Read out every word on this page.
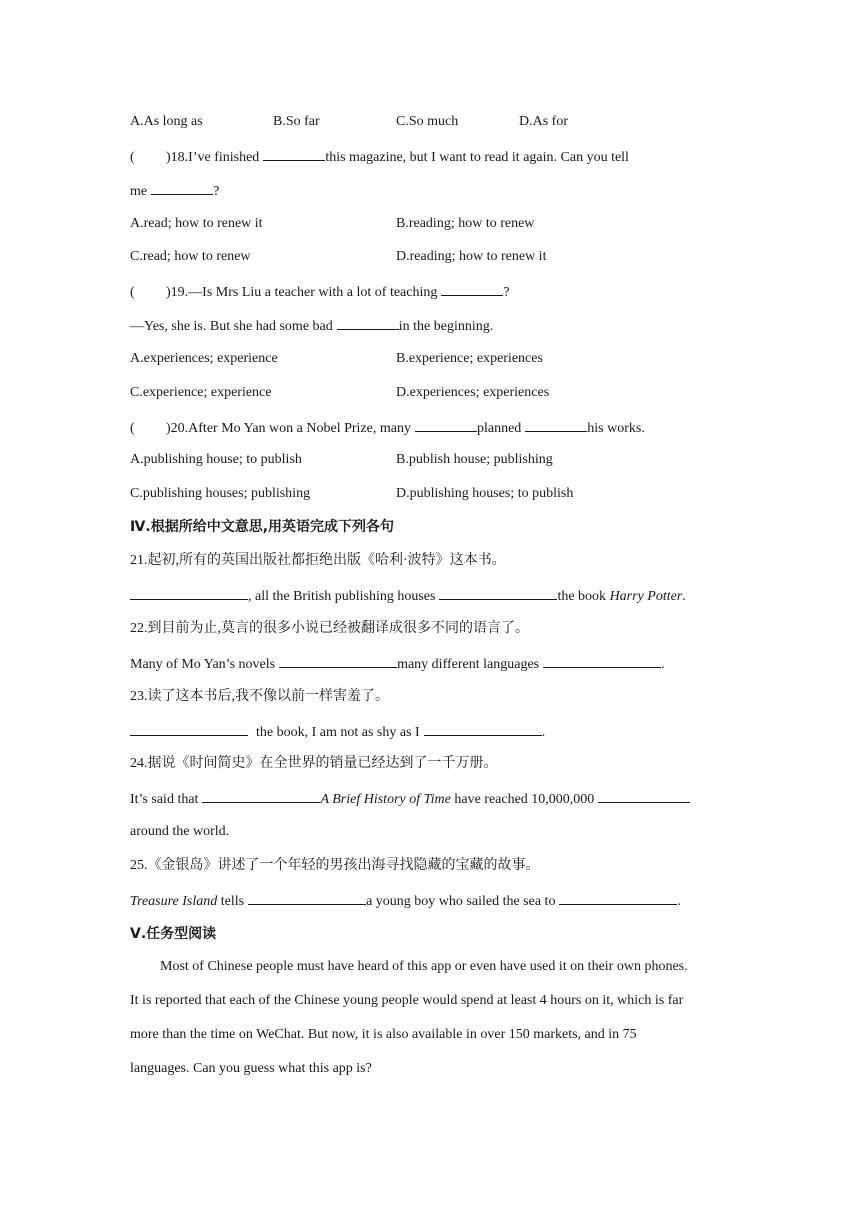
A.As long as	B.So far	C.So much	D.As for
( )18.I’ve finished	this magazine, but I want to read it again. Can you tell
me	?
A.read; how to renew it	B.reading; how to renew
C.read; how to renew	D.reading; how to renew it
( )19.—Is Mrs Liu a teacher with a lot of teaching	?
—Yes, she is. But she had some bad	in the beginning.
A.experiences; experience	B.experience; experiences
C.experience; experience	D.experiences; experiences
( )20.After Mo Yan won a Nobel Prize, many	planned	his works.
A.publishing house; to publish	B.publish house; publishing
C.publishing houses; publishing	D.publishing houses; to publish
Ⅳ.根据所给中文意思,用英语完成下列各句
21.起初,所有的英国出版社都拒绝出版《哈利·波特》这本书。
, all the British publishing houses	the book Harry Potter.
22.到目前为止,莫言的很多小说已经被翻译成很多不同的语言了。
Many of Mo Yan’s novels	many different languages	.
23.读了这本书后,我不像以前一样害羞了。
the book, I am not as shy as I	.
24.据说《时间简史》在全世界的销量已经达到了一千万册。
It’s said that	A Brief History of Time have reached 10,000,000
around the world.
25.《金银岛》讲述了一个年轻的男孩出海寻找隐藏的宝藏的故事。
Treasure Island tells	a young boy who sailed the sea to	.
Ⅴ.任务型阅读
Most of Chinese people must have heard of this app or even have used it on their own phones.
It is reported that each of the Chinese young people would spend at least 4 hours on it, which is far
more than the time on WeChat. But now, it is also available in over 150 markets, and in 75
languages. Can you guess what this app is?
